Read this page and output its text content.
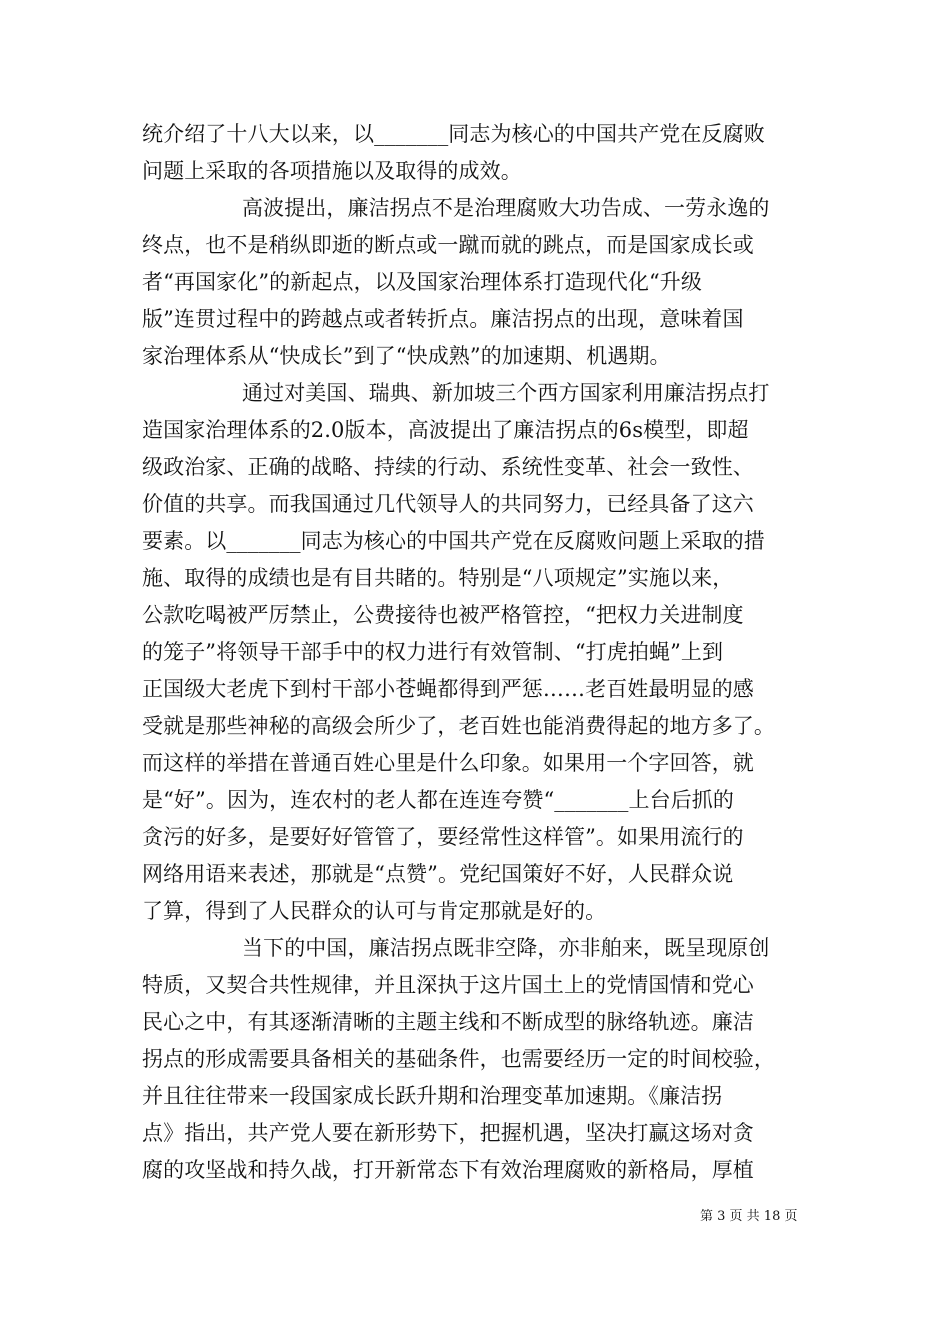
统介绍了十八大以来，以_______同志为核心的中国共产党在反腐败
问题上采取的各项措施以及取得的成效。
高波提出，廉洁拐点不是治理腐败大功告成、一劳永逸的
终点，也不是稍纵即逝的断点或一蹴而就的跳点，而是国家成长或
者“再国家化”的新起点，以及国家治理体系打造现代化“升级
版”连贯过程中的跨越点或者转折点。廉洁拐点的出现，意味着国
家治理体系从“快成长”到了“快成熟”的加速期、机遇期。
通过对美国、瑞典、新加坡三个西方国家利用廉洁拐点打
造国家治理体系的2.0版本，高波提出了廉洁拐点的6s模型，即超
级政治家、正确的战略、持续的行动、系统性变革、社会一致性、
价值的共享。而我国通过几代领导人的共同努力，已经具备了这六
要素。以_______同志为核心的中国共产党在反腐败问题上采取的措
施、取得的成绩也是有目共睹的。特别是“八项规定”实施以来，
公款吃喝被严厉禁止，公费接待也被严格管控，“把权力关进制度
的笼子”将领导干部手中的权力进行有效管制、“打虎拍蝇”上到
正国级大老虎下到村干部小苍蝇都得到严惩……老百姓最明显的感
受就是那些神秘的高级会所少了，老百姓也能消费得起的地方多了。
而这样的举措在普通百姓心里是什么印象。如果用一个字回答，就
是“好”。因为，连农村的老人都在连连夸赞“_______上台后抓的
贪污的好多，是要好好管管了，要经常性这样管”。如果用流行的
网络用语来表述，那就是“点赞”。党纪国策好不好，人民群众说
了算，得到了人民群众的认可与肯定那就是好的。
当下的中国，廉洁拐点既非空降，亦非舶来，既呈现原创
特质，又契合共性规律，并且深执于这片国土上的党情国情和党心
民心之中，有其逐渐清晰的主题主线和不断成型的脉络轨迹。廉洁
拐点的形成需要具备相关的基础条件，也需要经历一定的时间校验，
并且往往带来一段国家成长跃升期和治理变革加速期。《廉洁拐
点》指出，共产党人要在新形势下，把握机遇，坚决打赢这场对贪
腐的攻坚战和持久战，打开新常态下有效治理腐败的新格局，厚植
第 3 页 共 18 页
